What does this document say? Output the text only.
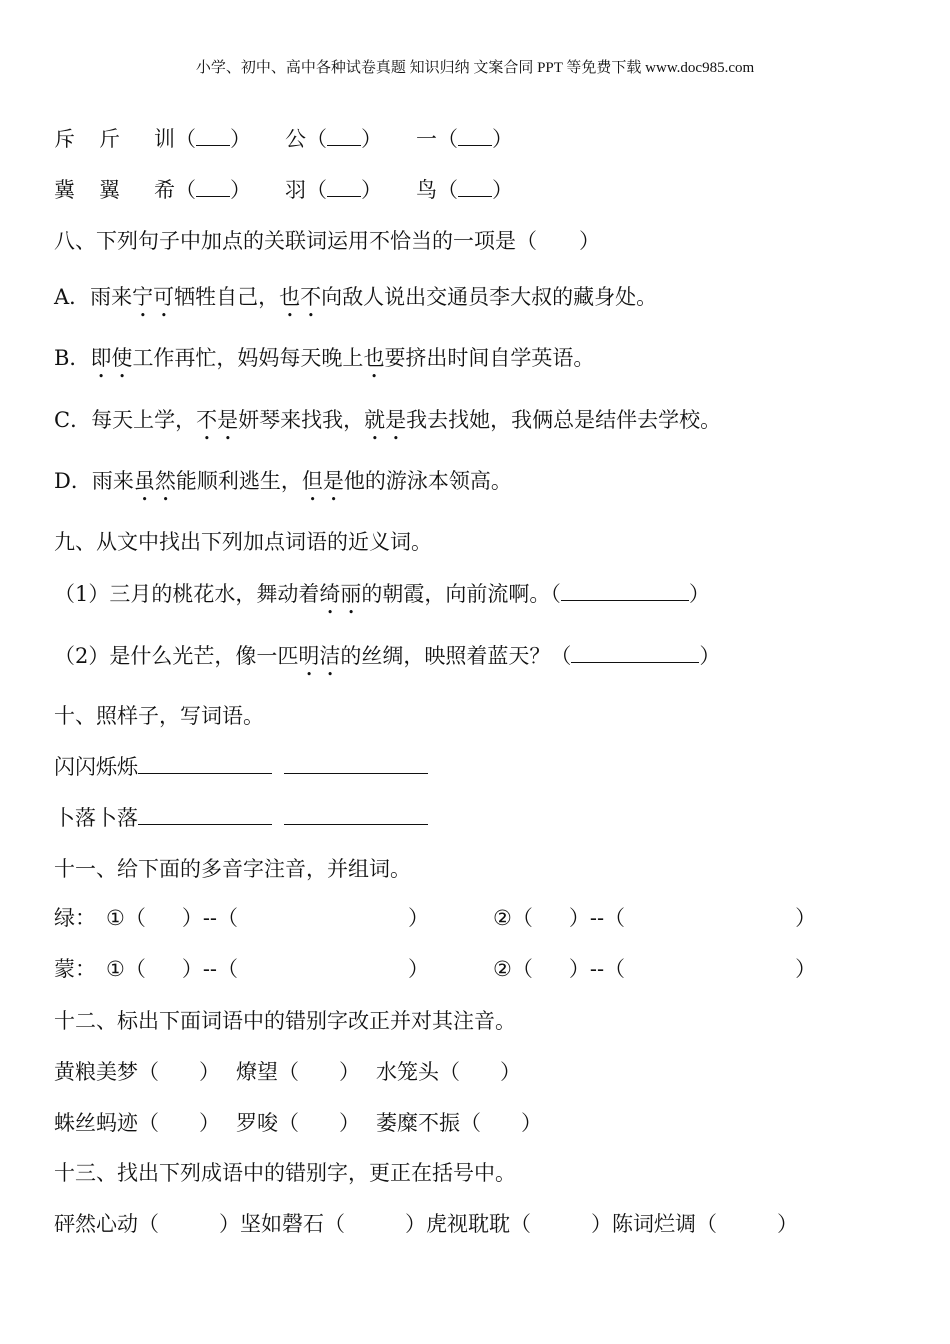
小学、初中、高中各种试卷真题 知识归纳 文案合同 PPT 等免费下载 www.doc985.com
斥 斤 训（ ） 公（ ） 一（ ）
冀 翼 希（ ） 羽（ ） 鸟（ ）
八、下列句子中加点的关联词运用不恰当的一项是（　　）
A．雨来宁可牺牲自己，也不向敌人说出交通员李大叔的藏身处。
B．即使工作再忙，妈妈每天晚上也要挤出时间自学英语。
C．每天上学，不是妍琴来找我，就是我去找她，我俩总是结伴去学校。
D．雨来虽然能顺利逃生，但是他的游泳本领高。
九、从文中找出下列加点词语的近义词。
（1）三月的桃花水，舞动着绮丽的朝霞，向前流啊。（	）
（2）是什么光芒，像一匹明洁的丝绸，映照着蓝天？（	）
十、照样子，写词语。
闪闪烁烁
卜落卜落
十一、给下面的多音字注音，并组词。
绿： ①（ ）--（	）	②（ ）--（	）
蒙： ①（ ）--（	）	②（ ）--（	）
十二、标出下面词语中的错别字改正并对其注音。
黄粮美梦（ ） 燎望（ ） 水笼头（ ）
蛛丝蚂迹（ ） 罗唆（ ） 萎糜不振（ ）
十三、找出下列成语中的错别字，更正在括号中。
砰然心动（	）坚如磬石（	）虎视耽耽（	）陈词烂调（	）
